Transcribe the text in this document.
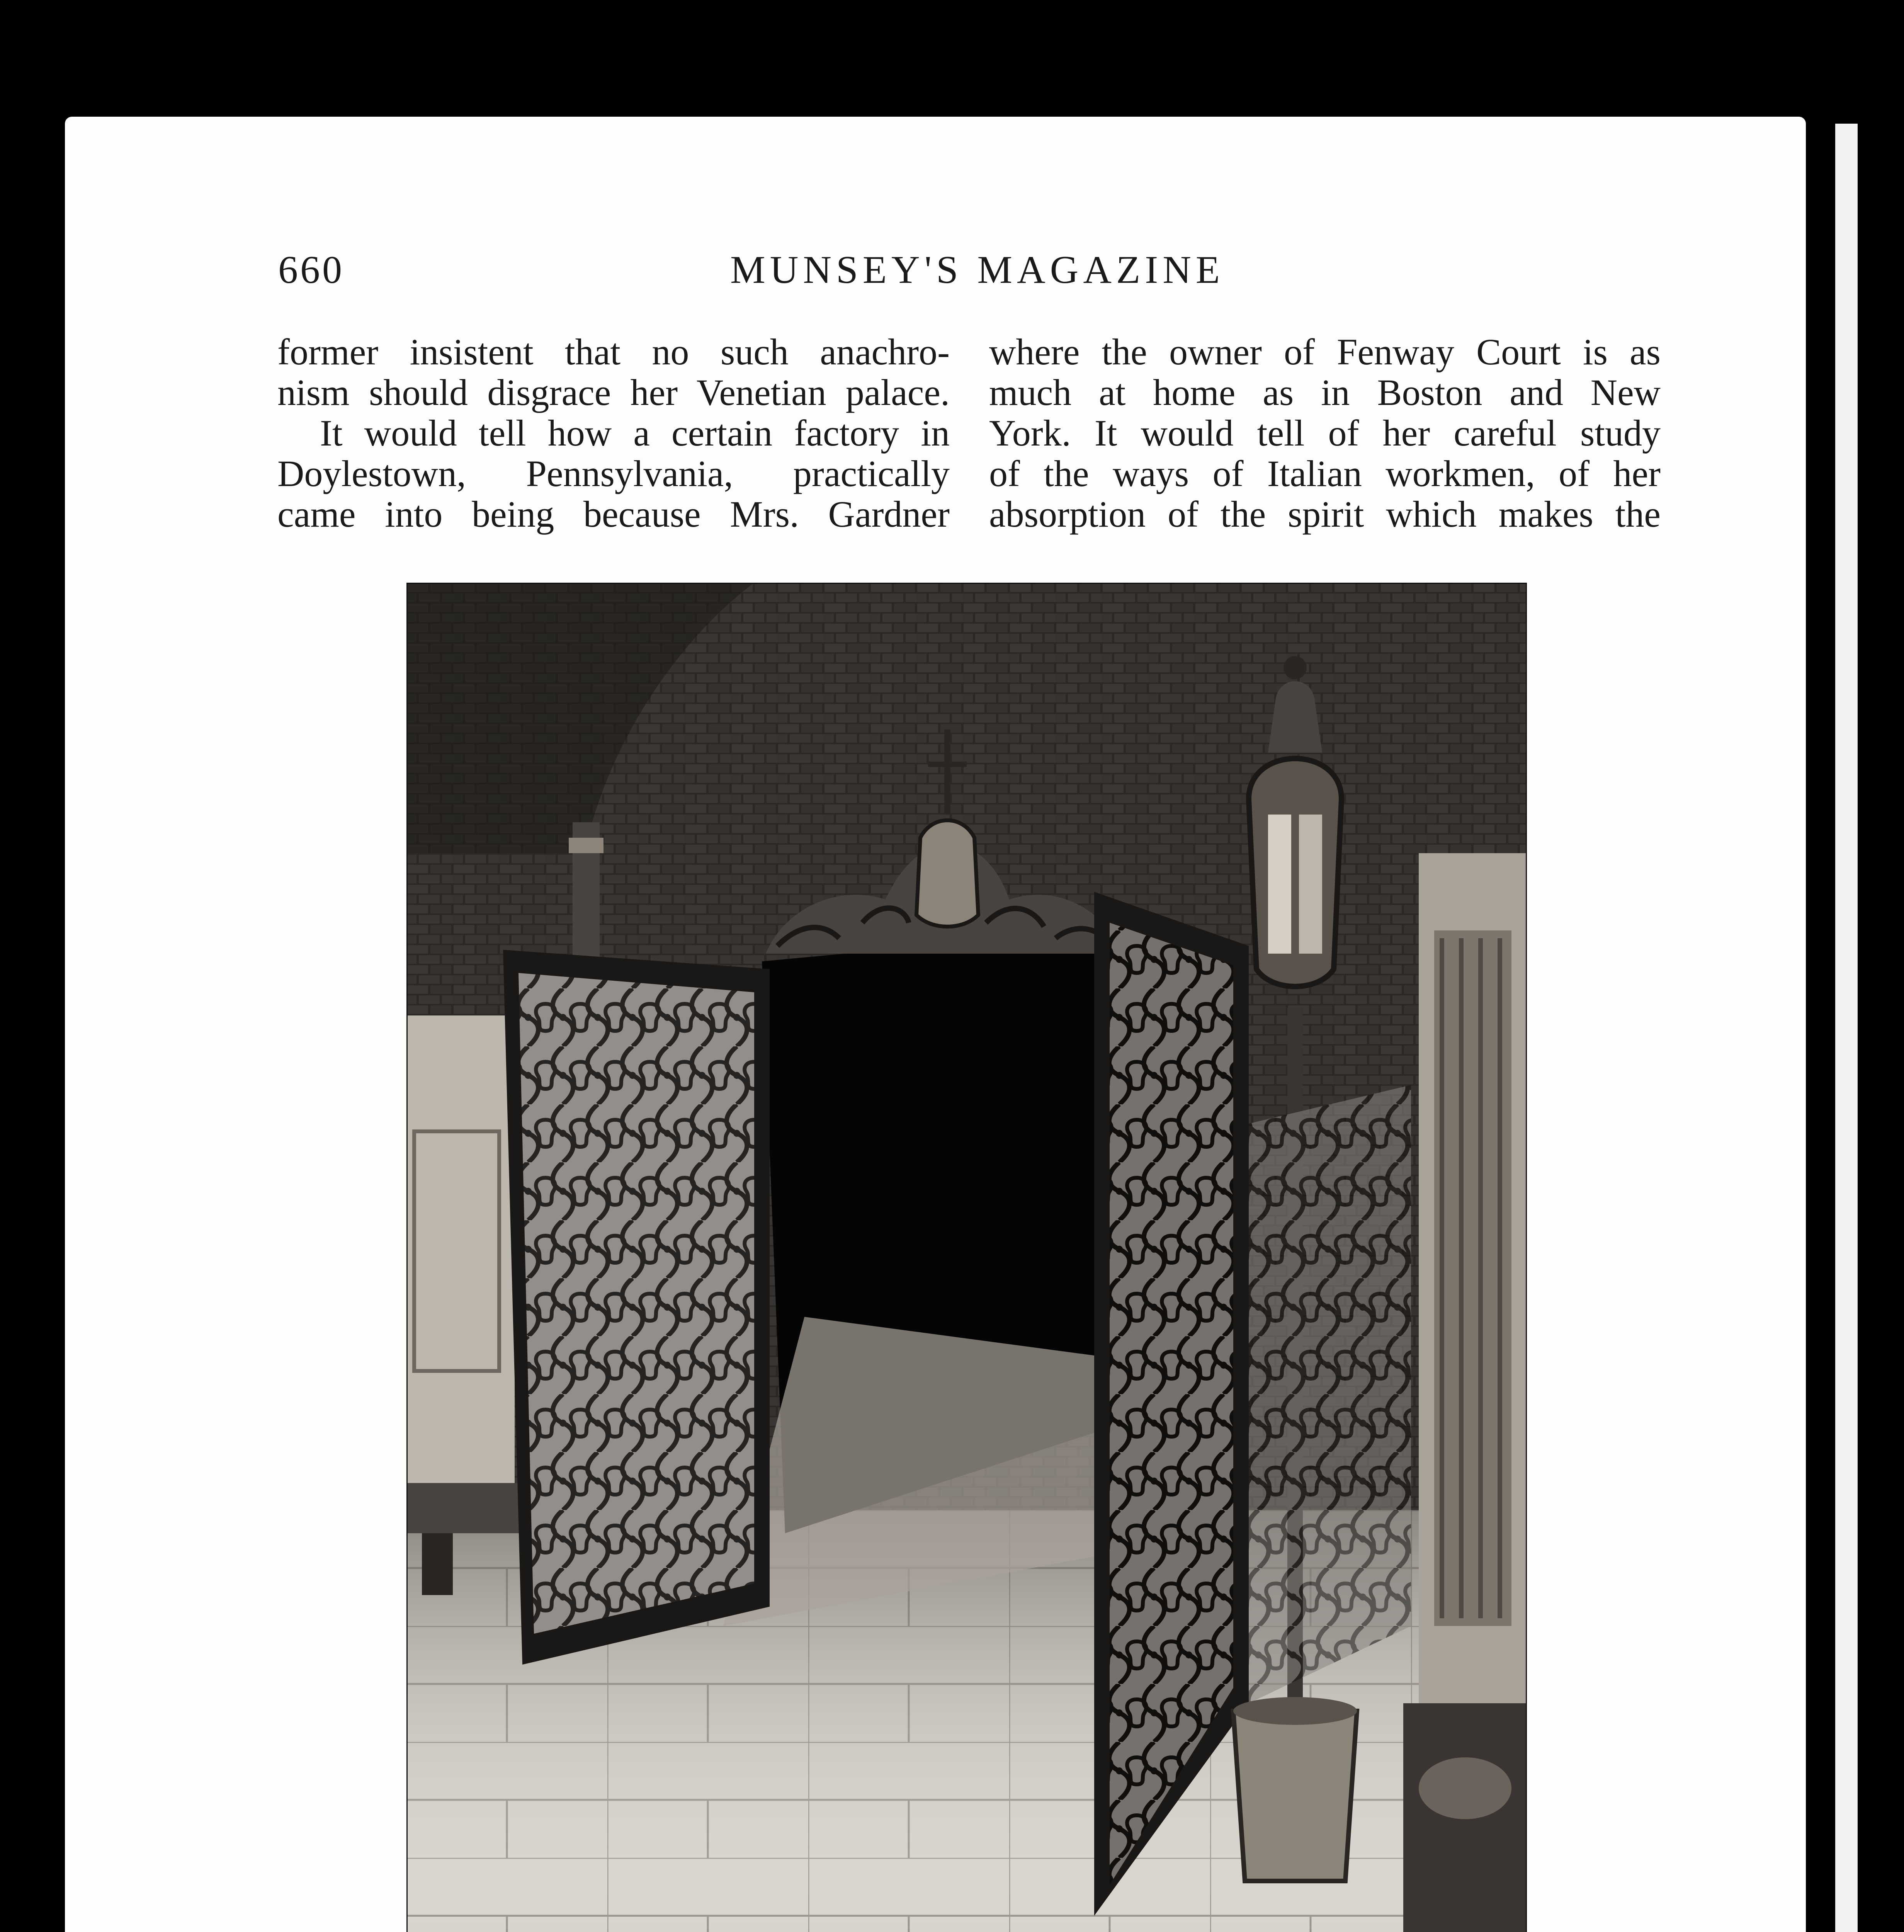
660	MUNSEY'S MAGAZINE

former insistent that no such anachro-

nism should disgrace her Venetian palace.

It would tell how a certain factory in

Doylestown, Pennsylvania, practically

came into being because Mrs. Gardner

where the owner of Fenway Court is as

much at home as in Boston and New

York. It would tell of her careful study

of the ways of Italian workmen, of her

absorption of the spirit which makes the
